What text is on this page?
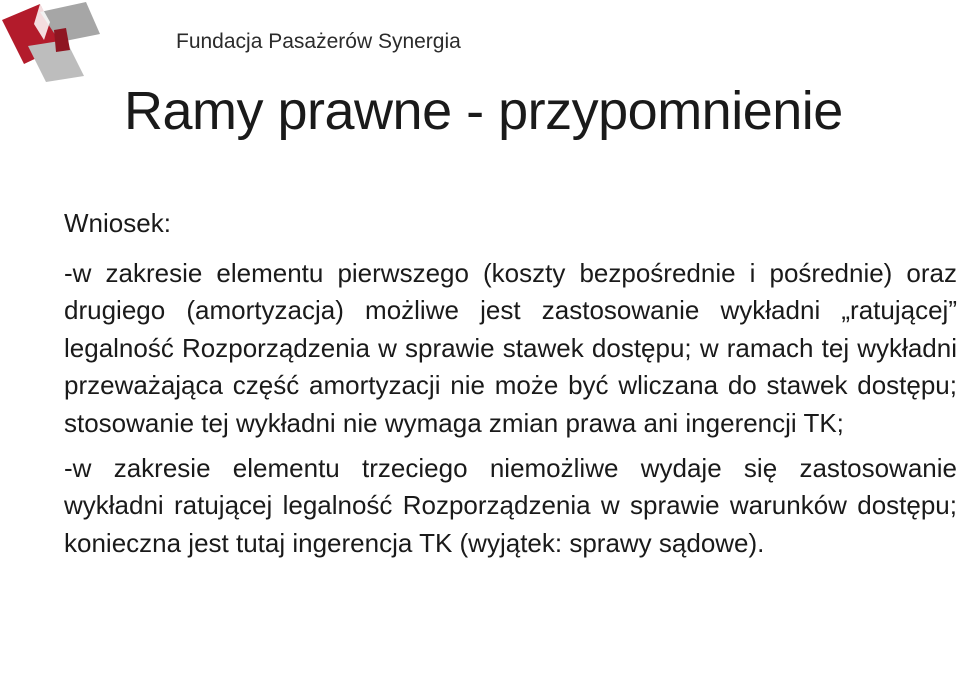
Fundacja Pasażerów Synergia
Ramy prawne - przypomnienie

Wniosek:

-w zakresie elementu pierwszego (koszty bezpośrednie i pośrednie) oraz drugiego (amortyzacja) możliwe jest zastosowanie wykładni „ratującej” legalność Rozporządzenia w sprawie stawek dostępu; w ramach tej wykładni przeważająca część amortyzacji nie może być wliczana do stawek dostępu; stosowanie tej wykładni nie wymaga zmian prawa ani ingerencji TK;

-w zakresie elementu trzeciego niemożliwe wydaje się zastosowanie wykładni ratującej legalność Rozporządzenia w sprawie warunków dostępu; konieczna jest tutaj ingerencja TK (wyjątek: sprawy sądowe).
